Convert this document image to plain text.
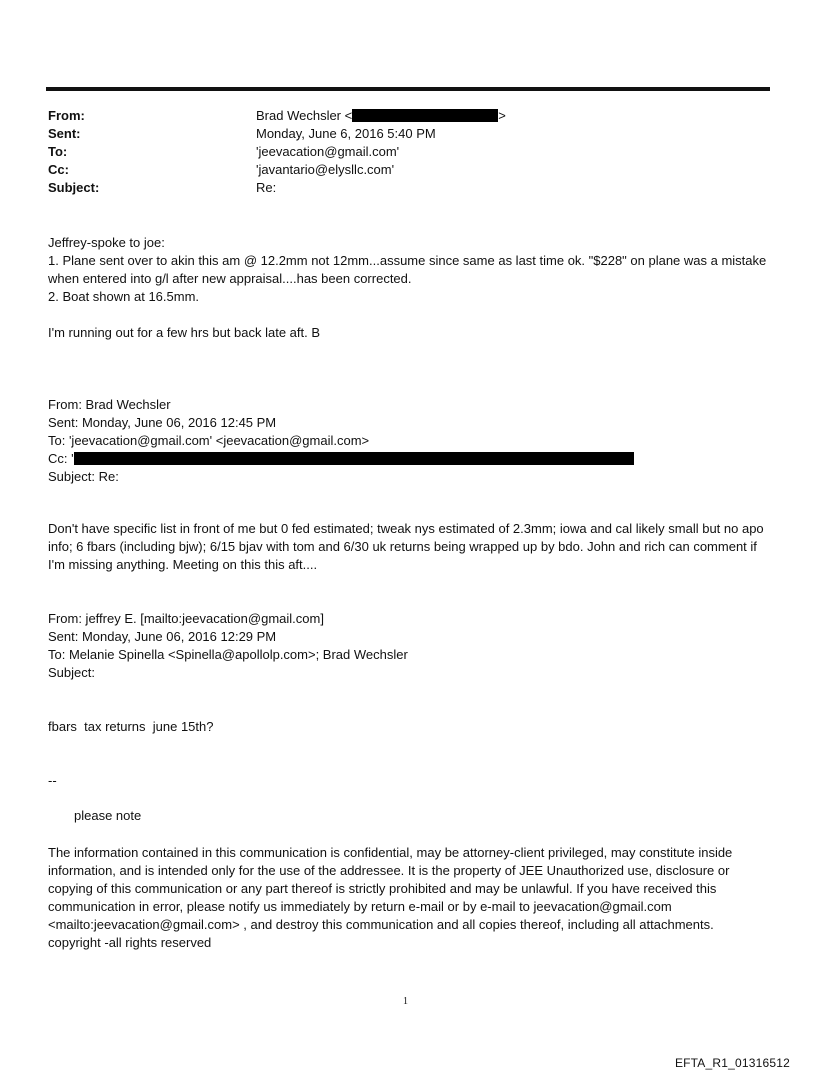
From:	Brad Wechsler <	>
Sent:	Monday, June 6, 2016 5:40 PM
To:	'jeevacation@gmail.com'
Cc:	'javantario@elysllc.com'
Subject:	Re:

Jeffrey-spoke to joe:

1. Plane sent over to akin this am @ 12.2mm not 12mm...assume since same as last time ok. "$228" on plane was a mistake when entered into g/l after new appraisal....has been corrected.

2. Boat shown at 16.5mm.

I'm running out for a few hrs but back late aft. B

From: Brad Wechsler

Sent: Monday, June 06, 2016 12:45 PM

To: 'jeevacation@gmail.com' <jeevacation@gmail.com>

Cc: '

Subject: Re:

Don't have specific list in front of me but 0 fed estimated; tweak nys estimated of 2.3mm; iowa and cal likely small but no apo info; 6 fbars (including bjw); 6/15 bjav with tom and 6/30 uk returns being wrapped up by bdo. John and rich can comment if I'm missing anything. Meeting on this this aft....

From: jeffrey E. [mailto:jeevacation@gmail.com]

Sent: Monday, June 06, 2016 12:29 PM

To: Melanie Spinella <Spinella@apollolp.com>; Brad Wechsler

Subject:

fbars  tax returns  june 15th?
--
please note
The information contained in this communication is confidential, may be attorney-client privileged, may constitute inside information, and is intended only for the use of the addressee. It is the property of JEE Unauthorized use, disclosure or copying of this communication or any part thereof is strictly prohibited and may be unlawful. If you have received this communication in error, please notify us immediately by return e-mail or by e-mail to jeevacation@gmail.com <mailto:jeevacation@gmail.com> , and destroy this communication and all copies thereof, including all attachments. copyright -all rights reserved
1
EFTA_R1_01316512
